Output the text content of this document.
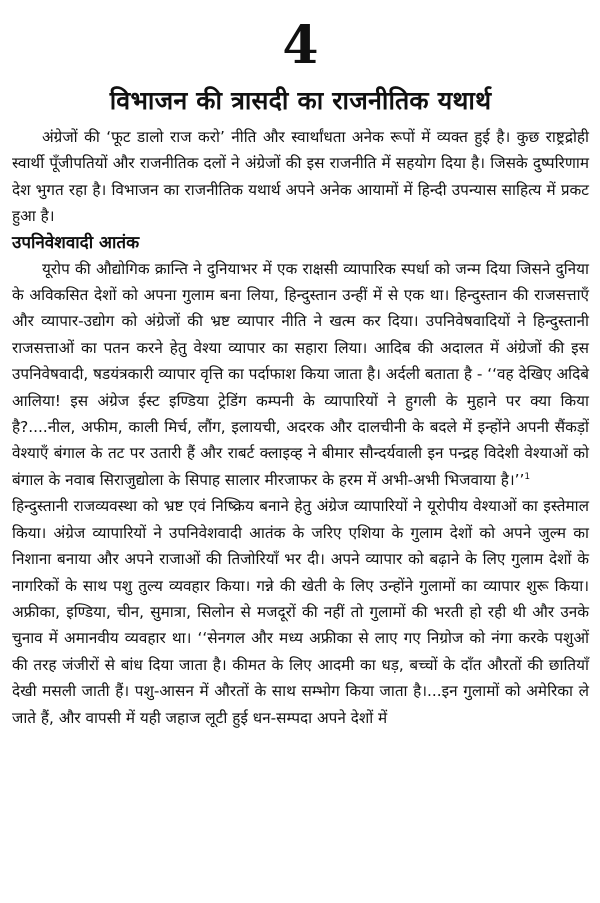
4
विभाजन की त्रासदी का राजनीतिक यथार्थ

अंग्रेजों की ‘फूट डालो राज करो’ नीति और स्वार्थांधता अनेक रूपों में व्यक्त हुई है। कुछ राष्ट्रद्रोही स्वार्थी पूँजीपतियों और राजनीतिक दलों ने अंग्रेजों की इस राजनीति में सहयोग दिया है। जिसके दुष्परिणाम देश भुगत रहा है। विभाजन का राजनीतिक यथार्थ अपने अनेक आयामों में हिन्दी उपन्यास साहित्य में प्रकट हुआ है।

उपनिवेशवादी आतंक

यूरोप की औद्योगिक क्रान्ति ने दुनियाभर में एक राक्षसी व्यापारिक स्पर्धा को जन्म दिया जिसने दुनिया के अविकसित देशों को अपना गुलाम बना लिया, हिन्दुस्तान उन्हीं में से एक था। हिन्दुस्तान की राजसत्ताएँ और व्यापार-उद्योग को अंग्रेजों की भ्रष्ट व्यापार नीति ने खत्म कर दिया। उपनिवेषवादियों ने हिन्दुस्तानी राजसत्ताओं का पतन करने हेतु वेश्या व्यापार का सहारा लिया। आदिब की अदालत में अंग्रेजों की इस उपनिवेषवादी, षडयंत्रकारी व्यापार वृत्ति का पर्दाफाश किया जाता है। अर्दली बताता है - ‘‘वह देखिए अदिबे आलिया! इस अंग्रेज ईस्ट इण्डिया ट्रेडिंग कम्पनी के व्यापारियों ने हुगली के मुहाने पर क्या किया है?....नील, अफीम, काली मिर्च, लौंग, इलायची, अदरक और दालचीनी के बदले में इन्होंने अपनी सैंकड़ों वेश्याएँ बंगाल के तट पर उतारी हैं और राबर्ट क्लाइव्ह ने बीमार सौन्दर्यवाली इन पन्द्रह विदेशी वेश्याओं को बंगाल के नवाब सिराजुद्योला के सिपाह सालार मीरजाफर के हरम में अभी-अभी भिजवाया है।’’$^1$

हिन्दुस्तानी राजव्यवस्था को भ्रष्ट एवं निष्क्रिय बनाने हेतु अंग्रेज व्यापारियों ने यूरोपीय वेश्याओं का इस्तेमाल किया। अंग्रेज व्यापारियों ने उपनिवेशवादी आतंक के जरिए एशिया के गुलाम देशों को अपने जुल्म का निशाना बनाया और अपने राजाओं की तिजोरियाँ भर दी। अपने व्यापार को बढ़ाने के लिए गुलाम देशों के नागरिकों के साथ पशु तुल्य व्यवहार किया। गन्ने की खेती के लिए उन्होंने गुलामों का व्यापार शुरू किया। अफ्रीका, इण्डिया, चीन, सुमात्रा, सिलोन से मजदूरों की नहीं तो गुलामों की भरती हो रही थी और उनके चुनाव में अमानवीय व्यवहार था। ‘‘सेनगल और मध्य अफ्रीका से लाए गए निग्रोज को नंगा करके पशुओं की तरह जंजीरों से बांध दिया जाता है। कीमत के लिए आदमी का धड़, बच्चों के दाँत औरतों की छातियाँ देखी मसली जाती हैं। पशु-आसन में औरतों के साथ सम्भोग किया जाता है।...इन गुलामों को अमेरिका ले जाते हैं, और वापसी में यही जहाज लूटी हुई धन-सम्पदा अपने देशों में
